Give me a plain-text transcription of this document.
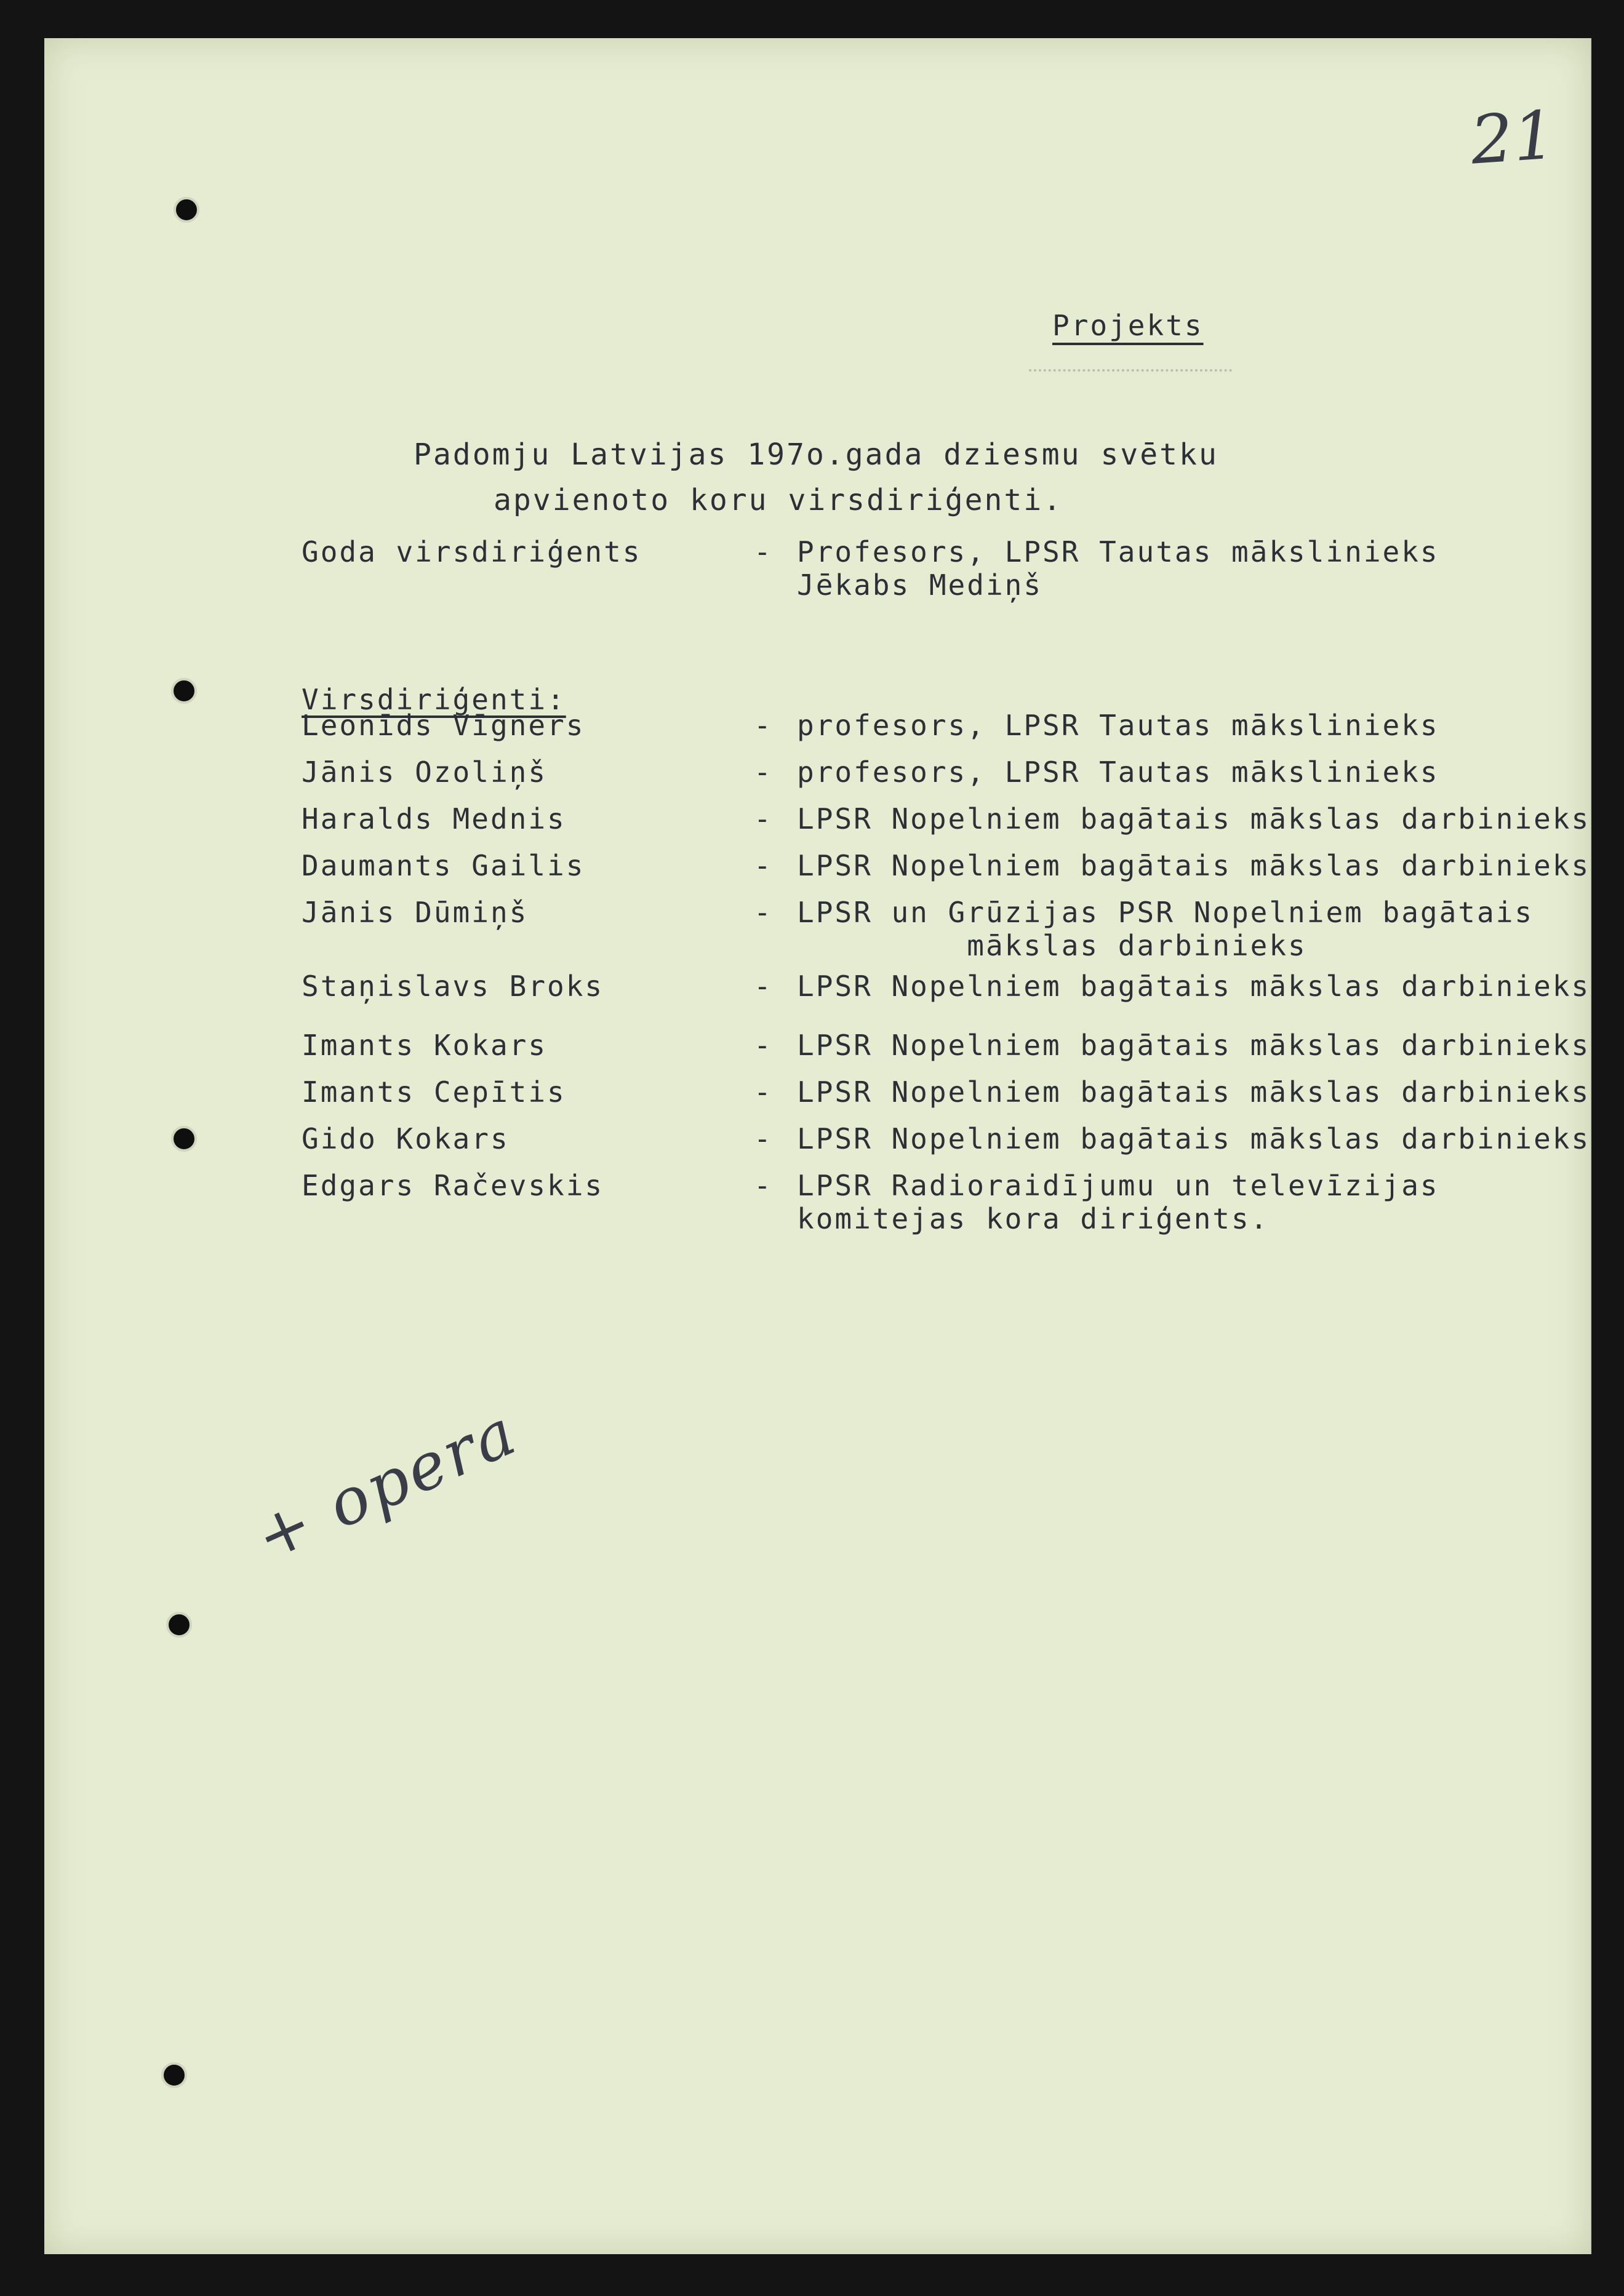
21
Projekts
Padomju Latvijas 197o.gada dziesmu svētku
apvienoto koru virsdiriģenti.
Goda virsdiriģents	- Profesors, LPSR Tautas mākslinieks
Jēkabs Mediņš
Virsdiriģenti:
Leonīds Vīgners	- profesors, LPSR Tautas mākslinieks
Jānis Ozoliņš	- profesors, LPSR Tautas mākslinieks
Haralds Mednis	- LPSR Nopelniem bagātais mākslas darbinieks
Daumants Gailis	- LPSR Nopelniem bagātais mākslas darbinieks
Jānis Dūmiņš	- LPSR un Grūzijas PSR Nopelniem bagātais
mākslas darbinieks
Staņislavs Broks	- LPSR Nopelniem bagātais mākslas darbinieks
Imants Kokars	- LPSR Nopelniem bagātais mākslas darbinieks
Imants Cepītis	- LPSR Nopelniem bagātais mākslas darbinieks
Gido Kokars	- LPSR Nopelniem bagātais mākslas darbinieks
Edgars Račevskis	- LPSR Radioraidījumu un televīzijas
komitejas kora diriģents.
+ opera
